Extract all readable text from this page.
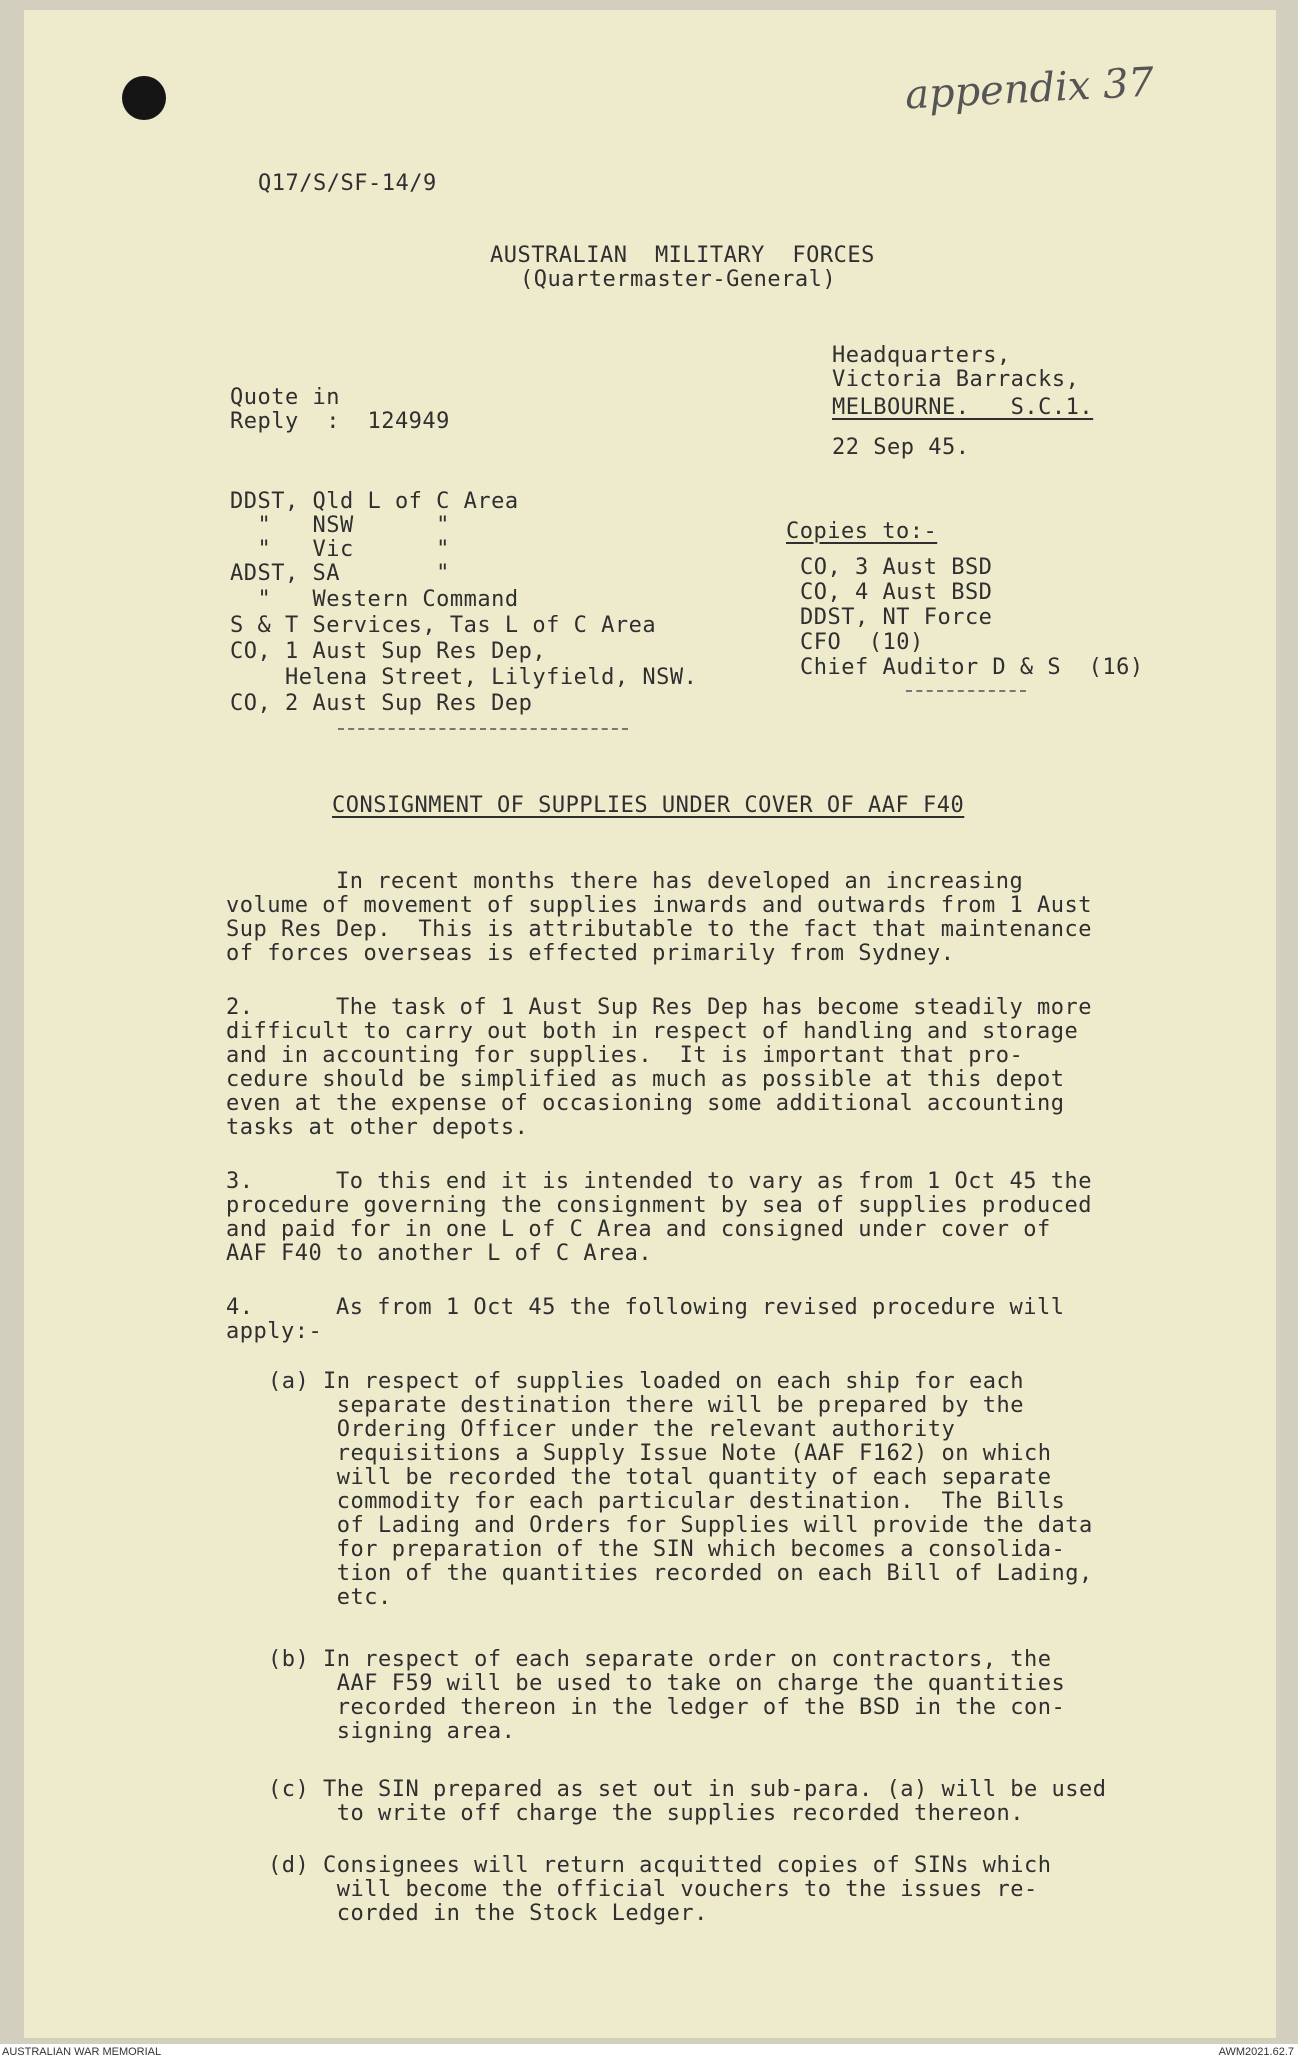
appendix 37
Q17/S/SF-14/9
AUSTRALIAN  MILITARY  FORCES
(Quartermaster-General)
Headquarters,
Victoria Barracks,
MELBOURNE.   S.C.1.
Quote in
Reply  :  124949
22 Sep 45.
DDST, Qld L of C Area
"   NSW      "
"   Vic      "
ADST, SA       "
"   Western Command
S & T Services, Tas L of C Area
CO, 1 Aust Sup Res Dep,
Helena Street, Lilyfield, NSW.
CO, 2 Aust Sup Res Dep
Copies to:-
CO, 3 Aust BSD
CO, 4 Aust BSD
DDST, NT Force
CFO  (10)
Chief Auditor D & S  (16)
CONSIGNMENT OF SUPPLIES UNDER COVER OF AAF F40
In recent months there has developed an increasing
volume of movement of supplies inwards and outwards from 1 Aust
Sup Res Dep.  This is attributable to the fact that maintenance
of forces overseas is effected primarily from Sydney.
2.      The task of 1 Aust Sup Res Dep has become steadily more
difficult to carry out both in respect of handling and storage
and in accounting for supplies.  It is important that pro-
cedure should be simplified as much as possible at this depot
even at the expense of occasioning some additional accounting
tasks at other depots.
3.      To this end it is intended to vary as from 1 Oct 45 the
procedure governing the consignment by sea of supplies produced
and paid for in one L of C Area and consigned under cover of
AAF F40 to another L of C Area.
4.      As from 1 Oct 45 the following revised procedure will
apply:-
(a) In respect of supplies loaded on each ship for each
separate destination there will be prepared by the
Ordering Officer under the relevant authority
requisitions a Supply Issue Note (AAF F162) on which
will be recorded the total quantity of each separate
commodity for each particular destination.  The Bills
of Lading and Orders for Supplies will provide the data
for preparation of the SIN which becomes a consolida-
tion of the quantities recorded on each Bill of Lading,
etc.
(b) In respect of each separate order on contractors, the
AAF F59 will be used to take on charge the quantities
recorded thereon in the ledger of the BSD in the con-
signing area.
(c) The SIN prepared as set out in sub-para. (a) will be used
to write off charge the supplies recorded thereon.
(d) Consignees will return acquitted copies of SINs which
will become the official vouchers to the issues re-
corded in the Stock Ledger.
AUSTRALIAN WAR MEMORIAL	AWM2021.62.7
